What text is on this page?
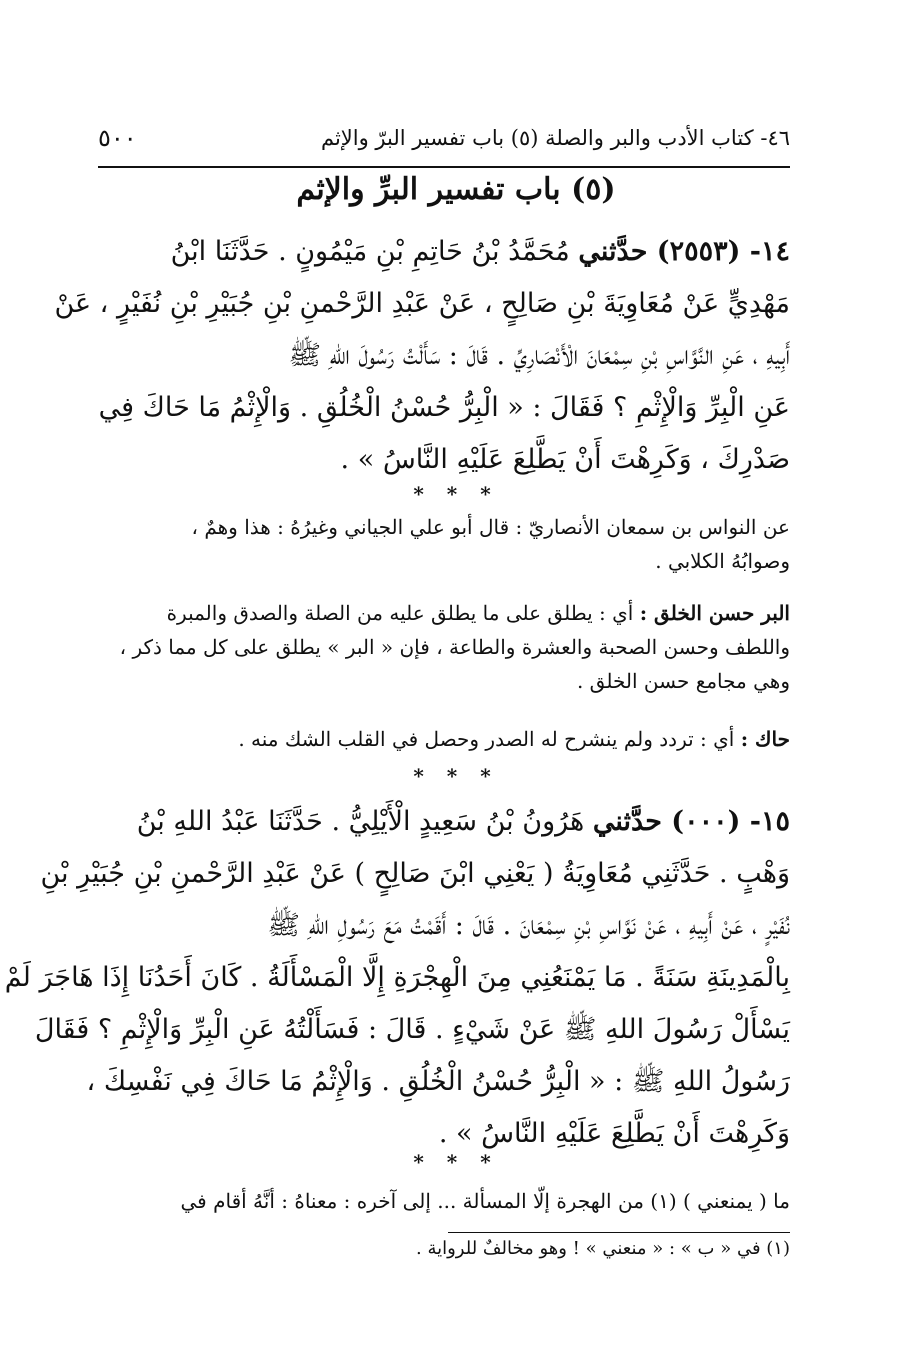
٤٦- كتاب الأدب والبر والصلة (٥) باب تفسير البرّ والإثم
٥٠٠
(٥) باب تفسير البرِّ والإثم
١٤- (٢٥٥٣) حدَّثني مُحَمَّدُ بْنُ حَاتِمِ بْنِ مَيْمُونٍ . حَدَّثَنَا ابْنُ
مَهْدِيٍّ عَنْ مُعَاوِيَةَ بْنِ صَالِحٍ ، عَنْ عَبْدِ الرَّحْمنِ بْنِ جُبَيْرِ بْنِ نُفَيْرٍ ، عَنْ
أَبِيهِ ، عَنِ النَّوَّاسِ بْنِ سِمْعَانَ الْأَنْصَارِيِّ . قَالَ : سَأَلْتُ رَسُولَ اللهِ ﷺ
عَنِ الْبِرِّ وَالْإِثْمِ ؟ فَقَالَ : « الْبِرُّ حُسْنُ الْخُلُقِ . وَالْإِثْمُ مَا حَاكَ فِي
صَدْرِكَ ، وَكَرِهْتَ أَنْ يَطَّلِعَ عَلَيْهِ النَّاسُ » .
* * *
عن النواس بن سمعان الأنصاريّ : قال أبو علي الجياني وغيرُهُ : هذا وهمٌ ،
وصوابُهُ الكلابي .
البر حسن الخلق : أي : يطلق على ما يطلق عليه من الصلة والصدق والمبرة
واللطف وحسن الصحبة والعشرة والطاعة ، فإن « البر » يطلق على كل مما ذكر ،
وهي مجامع حسن الخلق .
حاك : أي : تردد ولم ينشرح له الصدر وحصل في القلب الشك منه .
* * *
١٥- (٠٠٠) حدَّثني هَرُونُ بْنُ سَعِيدٍ الْأَيْلِيُّ . حَدَّثَنَا عَبْدُ اللهِ بْنُ
وَهْبٍ . حَدَّثَنِي مُعَاوِيَةُ ( يَعْنِي ابْنَ صَالِحٍ ) عَنْ عَبْدِ الرَّحْمنِ بْنِ جُبَيْرِ بْنِ
نُفَيْرٍ ، عَنْ أَبِيهِ ، عَنْ نَوَّاسِ بْنِ سِمْعَانَ . قَالَ : أَقَمْتُ مَعَ رَسُولِ اللهِ ﷺ
بِالْمَدِينَةِ سَنَةً . مَا يَمْنَعُنِي مِنَ الْهِجْرَةِ إِلَّا الْمَسْأَلَةُ . كَانَ أَحَدُنَا إِذَا هَاجَرَ لَمْ
يَسْأَلْ رَسُولَ اللهِ ﷺ عَنْ شَيْءٍ . قَالَ : فَسَأَلْتُهُ عَنِ الْبِرِّ وَالْإِثْمِ ؟ فَقَالَ
رَسُولُ اللهِ ﷺ : « الْبِرُّ حُسْنُ الْخُلُقِ . وَالْإِثْمُ مَا حَاكَ فِي نَفْسِكَ ،
وَكَرِهْتَ أَنْ يَطَّلِعَ عَلَيْهِ النَّاسُ » .
* * *
ما ( يمنعني ) (١) من الهجرة إلّا المسألة ... إلى آخره : معناهُ : أنَّهُ أقام في
(١) في « ب » : « منعني » ! وهو مخالفٌ للرواية .
